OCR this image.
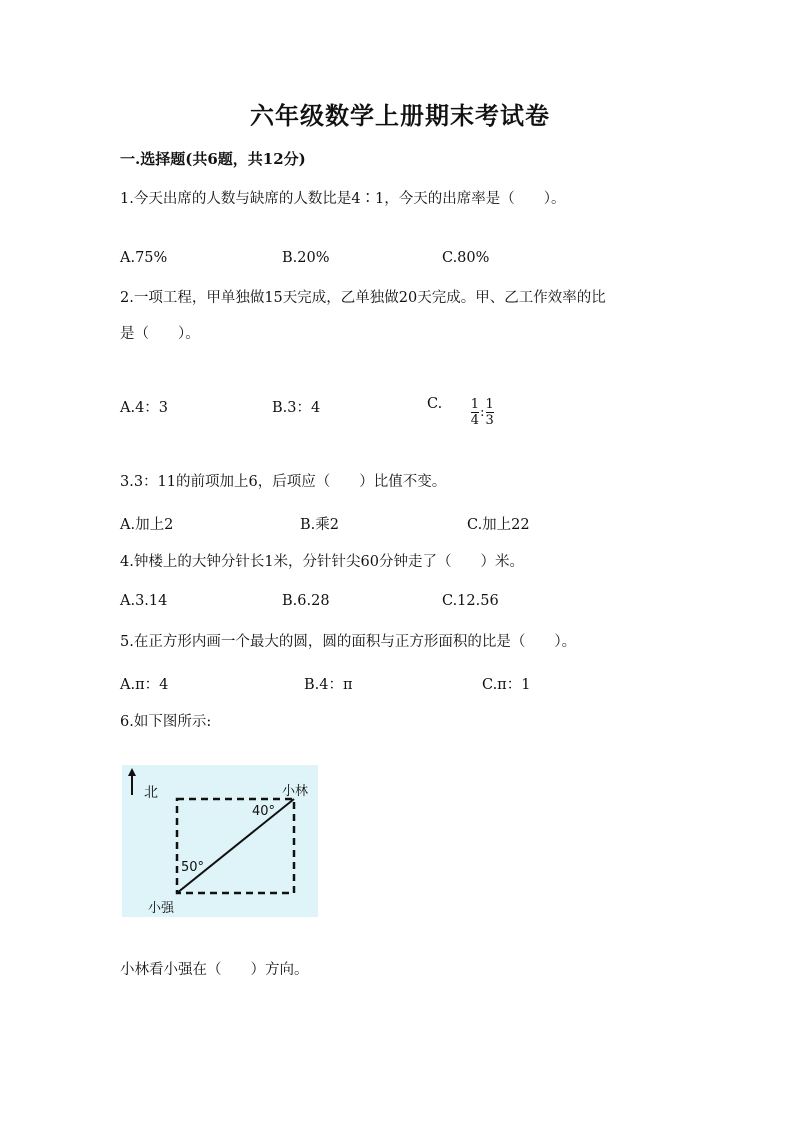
六年级数学上册期末考试卷
一.选择题(共6题，共12分)
1.今天出席的人数与缺席的人数比是4∶1，今天的出席率是（　　）。
A.75%	B.20%	C.80%
2.一项工程，甲单独做15天完成，乙单独做20天完成。甲、乙工作效率的比
是（　　）。
A.4：3	B.3：4	C. $\frac{1}{4}$ : $\frac{1}{3}$
3.3：11的前项加上6，后项应（　　）比值不变。
A.加上2	B.乘2	C.加上22
4.钟楼上的大钟分针长1米，分针针尖60分钟走了（　　）米。
A.3.14	B.6.28	C.12.56
5.在正方形内画一个最大的圆，圆的面积与正方形面积的比是（　　）。
A.π：4	B.4：π	C.π：1
6.如下图所示:
北
40°
50°
小林
小强
小林看小强在（　　）方向。
